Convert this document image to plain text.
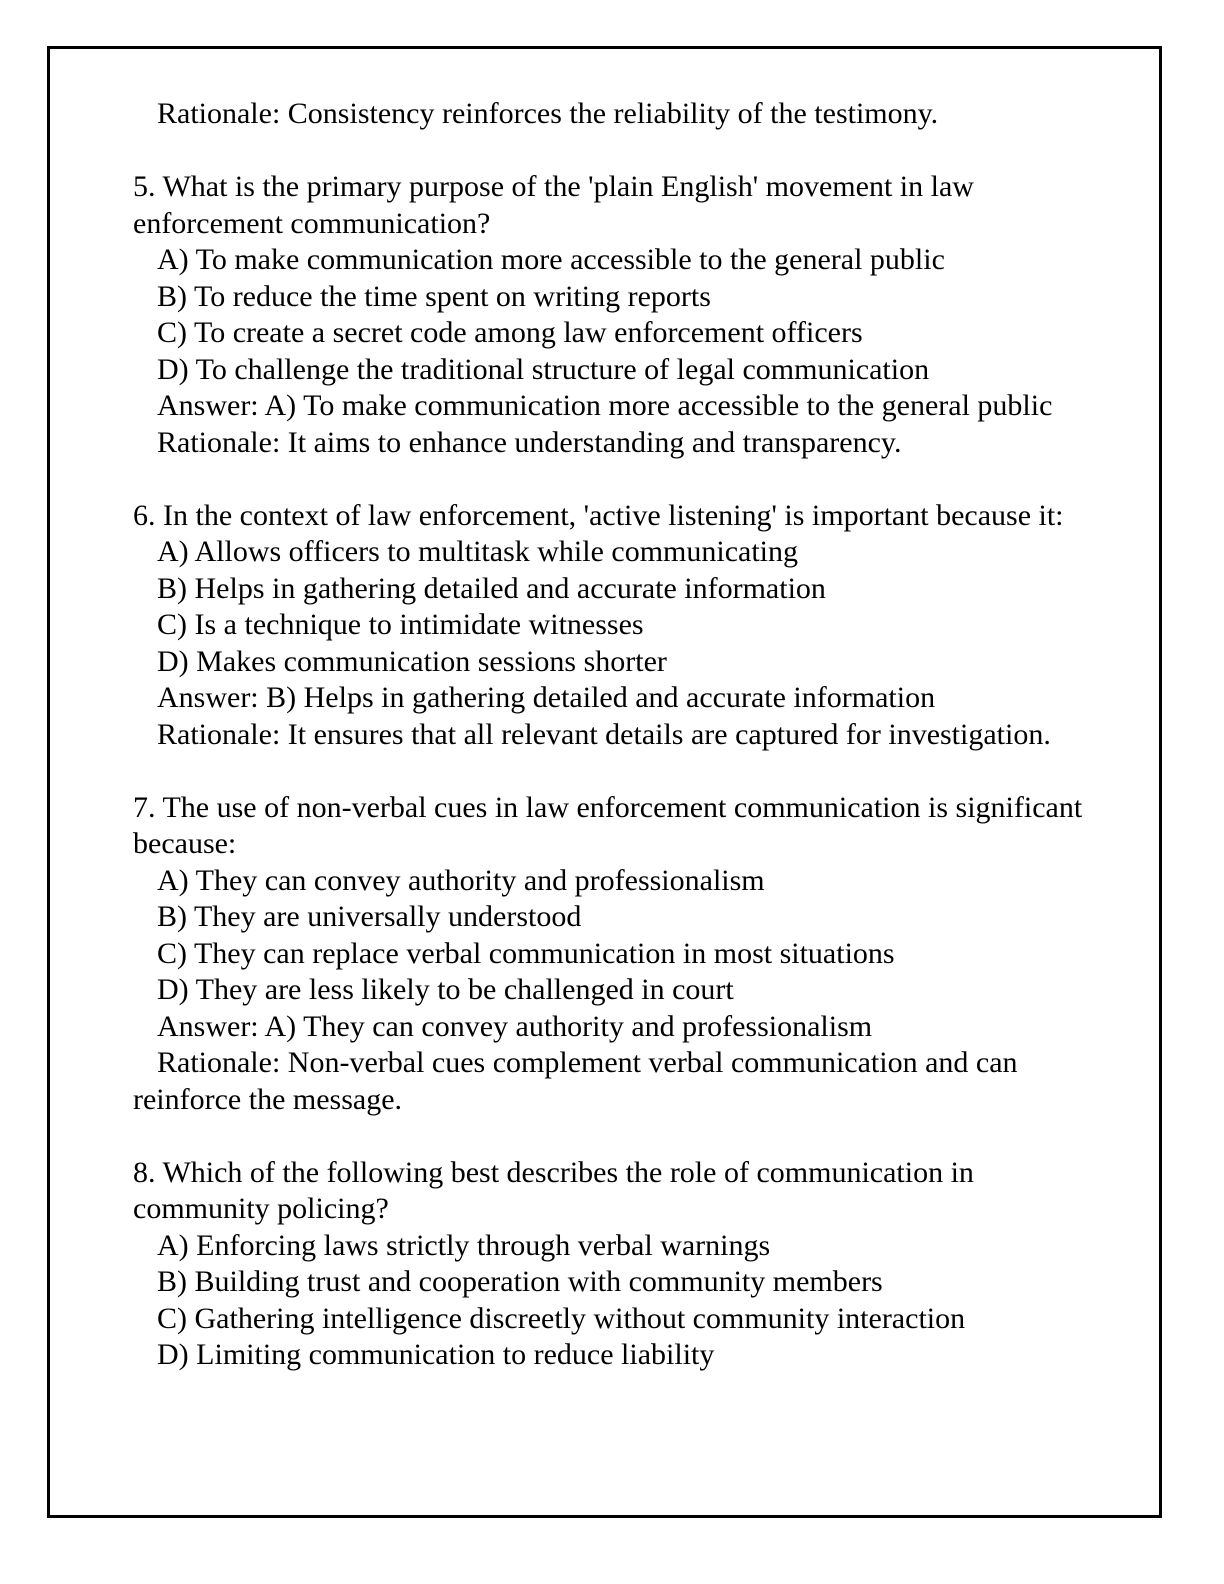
Rationale: Consistency reinforces the reliability of the testimony.
5. What is the primary purpose of the 'plain English' movement in law enforcement communication?
A) To make communication more accessible to the general public
B) To reduce the time spent on writing reports
C) To create a secret code among law enforcement officers
D) To challenge the traditional structure of legal communication
Answer: A) To make communication more accessible to the general public
Rationale: It aims to enhance understanding and transparency.
6. In the context of law enforcement, 'active listening' is important because it:
A) Allows officers to multitask while communicating
B) Helps in gathering detailed and accurate information
C) Is a technique to intimidate witnesses
D) Makes communication sessions shorter
Answer: B) Helps in gathering detailed and accurate information
Rationale: It ensures that all relevant details are captured for investigation.
7. The use of non-verbal cues in law enforcement communication is significant because:
A) They can convey authority and professionalism
B) They are universally understood
C) They can replace verbal communication in most situations
D) They are less likely to be challenged in court
Answer: A) They can convey authority and professionalism
Rationale: Non-verbal cues complement verbal communication and can reinforce the message.
8. Which of the following best describes the role of communication in community policing?
A) Enforcing laws strictly through verbal warnings
B) Building trust and cooperation with community members
C) Gathering intelligence discreetly without community interaction
D) Limiting communication to reduce liability
